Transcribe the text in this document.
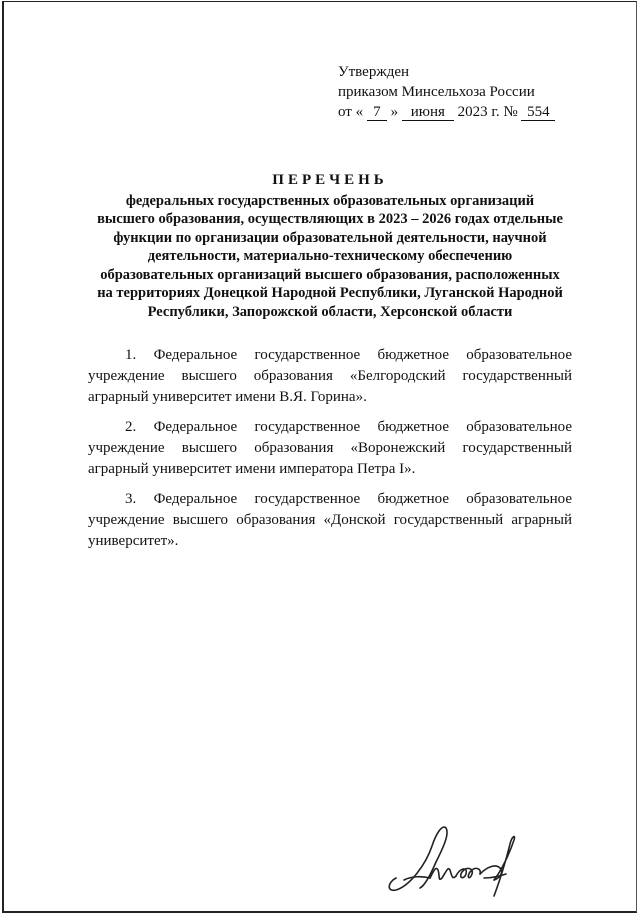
Утвержден
приказом Минсельхоза России
от « 7 » июня 2023 г. № 554
ПЕРЕЧЕНЬ
федеральных государственных образовательных организаций
высшего образования, осуществляющих в 2023 – 2026 годах отдельные
функции по организации образовательной деятельности, научной
деятельности, материально-техническому обеспечению
образовательных организаций высшего образования, расположенных
на территориях Донецкой Народной Республики, Луганской Народной
Республики, Запорожской области, Херсонской области

1. Федеральное государственное бюджетное образовательное учреждение высшего образования «Белгородский государственный аграрный университет имени В.Я. Горина».

2. Федеральное государственное бюджетное образовательное учреждение высшего образования «Воронежский государственный аграрный университет имени императора Петра I».

3. Федеральное государственное бюджетное образовательное учреждение высшего образования «Донской государственный аграрный университет».
